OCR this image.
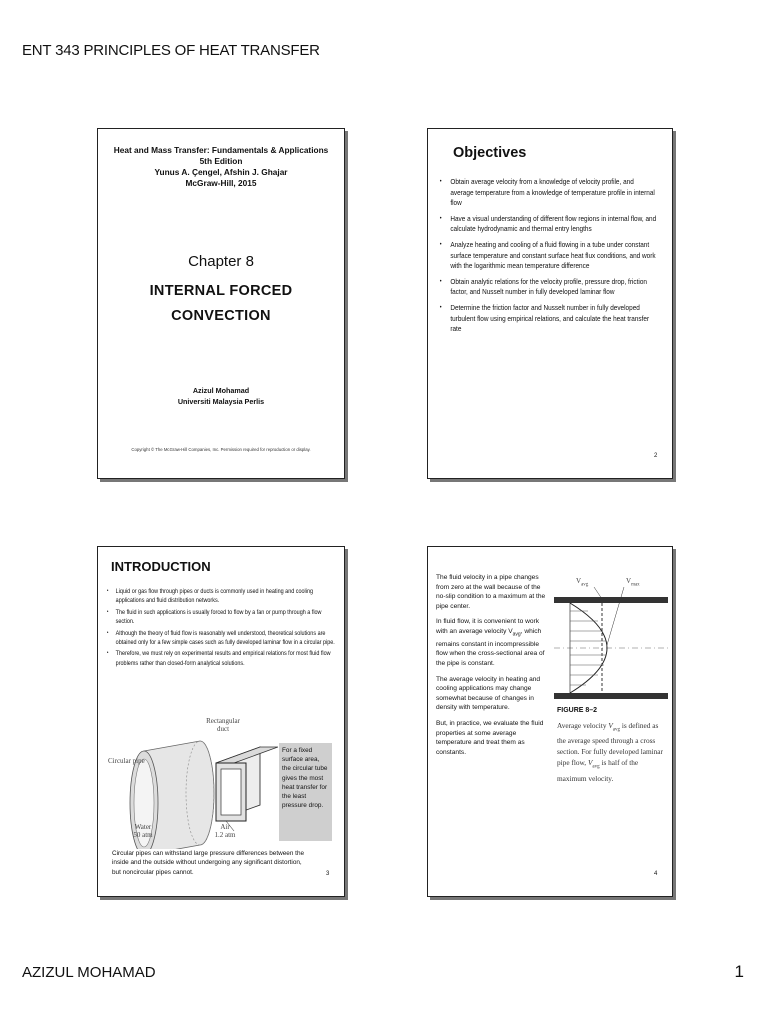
ENT 343 PRINCIPLES OF HEAT TRANSFER
Heat and Mass Transfer: Fundamentals & Applications
5th Edition
Yunus A. Çengel, Afshin J. Ghajar
McGraw-Hill, 2015
Chapter 8
INTERNAL FORCED
CONVECTION
Azizul Mohamad
Universiti Malaysia Perlis
Copyright © The McGraw-Hill Companies, Inc. Permission required for reproduction or display.
Objectives
• Obtain average velocity from a knowledge of velocity profile, and average temperature from a knowledge of temperature profile in internal flow
• Have a visual understanding of different flow regions in internal flow, and calculate hydrodynamic and thermal entry lengths
• Analyze heating and cooling of a fluid flowing in a tube under constant surface temperature and constant surface heat flux conditions, and work with the logarithmic mean temperature difference
• Obtain analytic relations for the velocity profile, pressure drop, friction factor, and Nusselt number in fully developed laminar flow
• Determine the friction factor and Nusselt number in fully developed turbulent flow using empirical relations, and calculate the heat transfer rate
2
INTRODUCTION
• Liquid or gas flow through pipes or ducts is commonly used in heating and cooling applications and fluid distribution networks.
• The fluid in such applications is usually forced to flow by a fan or pump through a flow section.
• Although the theory of fluid flow is reasonably well understood, theoretical solutions are obtained only for a few simple cases such as fully developed laminar flow in a circular pipe.
• Therefore, we must rely on experimental results and empirical relations for most fluid flow problems rather than closed-form analytical solutions.
Circular pipe
Water
50 atm
Rectangular
duct
Air
1.2 atm
For a fixed surface area, the circular tube gives the most heat transfer for the least pressure drop.
Circular pipes can withstand large pressure differences between the inside and the outside without undergoing any significant distortion, but noncircular pipes cannot.	3

The fluid velocity in a pipe changes from zero at the wall because of the no-slip condition to a maximum at the pipe center.

In fluid flow, it is convenient to work with an average velocity $V_{avg}$, which remains constant in incompressible flow when the cross-sectional area of the pipe is constant.

The average velocity in heating and cooling applications may change somewhat because of changes in density with temperature.

But, in practice, we evaluate the fluid properties at some average temperature and treat them as constants.

$V_{avg}$	$V_{max}$
FIGURE 8–2
Average velocity $V_{avg}$ is defined as the average speed through a cross section. For fully developed laminar pipe flow, $V_{avg}$ is half of the maximum velocity.
4
AZIZUL MOHAMAD	1
